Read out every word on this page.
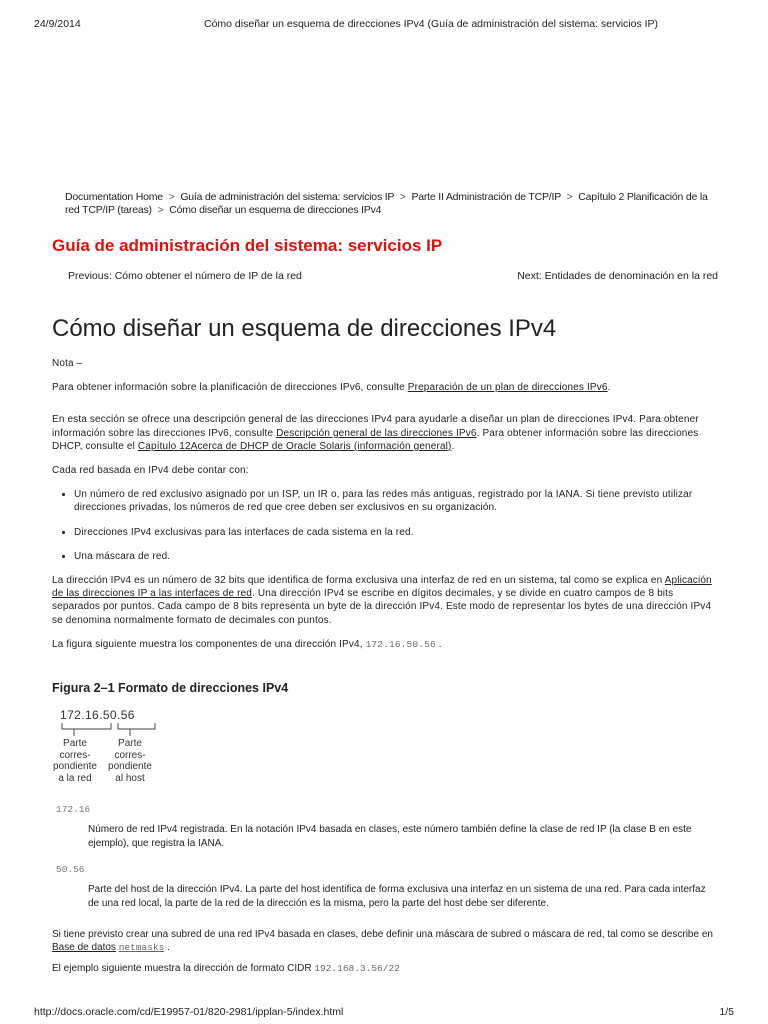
24/9/2014	Cómo diseñar un esquema de direcciones IPv4 (Guía de administración del sistema: servicios IP)
Documentation Home > Guía de administración del sistema: servicios IP > Parte II Administración de TCP/IP > Capítulo 2 Planificación de la red TCP/IP (tareas) > Cómo diseñar un esquema de direcciones IPv4
Guía de administración del sistema: servicios IP
Previous: Cómo obtener el número de IP de la red	Next: Entidades de denominación en la red
Cómo diseñar un esquema de direcciones IPv4

Nota –

Para obtener información sobre la planificación de direcciones IPv6, consulte Preparación de un plan de direcciones IPv6.

En esta sección se ofrece una descripción general de las direcciones IPv4 para ayudarle a diseñar un plan de direcciones IPv4. Para obtener información sobre las direcciones IPv6, consulte Descripción general de las direcciones IPv6. Para obtener información sobre las direcciones DHCP, consulte el Capítulo 12Acerca de DHCP de Oracle Solaris (información general).

Cada red basada en IPv4 debe contar con:

• Un número de red exclusivo asignado por un ISP, un IR o, para las redes más antiguas, registrado por la IANA. Si tiene previsto utilizar direcciones privadas, los números de red que cree deben ser exclusivos en su organización.
• Direcciones IPv4 exclusivas para las interfaces de cada sistema en la red.
• Una máscara de red.

La dirección IPv4 es un número de 32 bits que identifica de forma exclusiva una interfaz de red en un sistema, tal como se explica en Aplicación de las direcciones IP a las interfaces de red. Una dirección IPv4 se escribe en dígitos decimales, y se divide en cuatro campos de 8 bits separados por puntos. Cada campo de 8 bits representa un byte de la dirección IPv4. Este modo de representar los bytes de una dirección IPv4 se denomina normalmente formato de decimales con puntos.

La figura siguiente muestra los componentes de una dirección IPv4, 172.16.50.56 .

Figura 2–1 Formato de direcciones IPv4
172.16.50.56
Parte
corres-
pondiente
a la red
Parte
corres-
pondiente
al host
172.16
Número de red IPv4 registrada. En la notación IPv4 basada en clases, este número también define la clase de red IP (la clase B en este ejemplo), que registra la IANA.
50.56
Parte del host de la dirección IPv4. La parte del host identifica de forma exclusiva una interfaz en un sistema de una red. Para cada interfaz de una red local, la parte de la red de la dirección es la misma, pero la parte del host debe ser diferente.

Si tiene previsto crear una subred de una red IPv4 basada en clases, debe definir una máscara de subred o máscara de red, tal como se describe en Base de datos netmasks .

El ejemplo siguiente muestra la dirección de formato CIDR 192.168.3.56/22

http://docs.oracle.com/cd/E19957-01/820-2981/ipplan-5/index.html	1/5
